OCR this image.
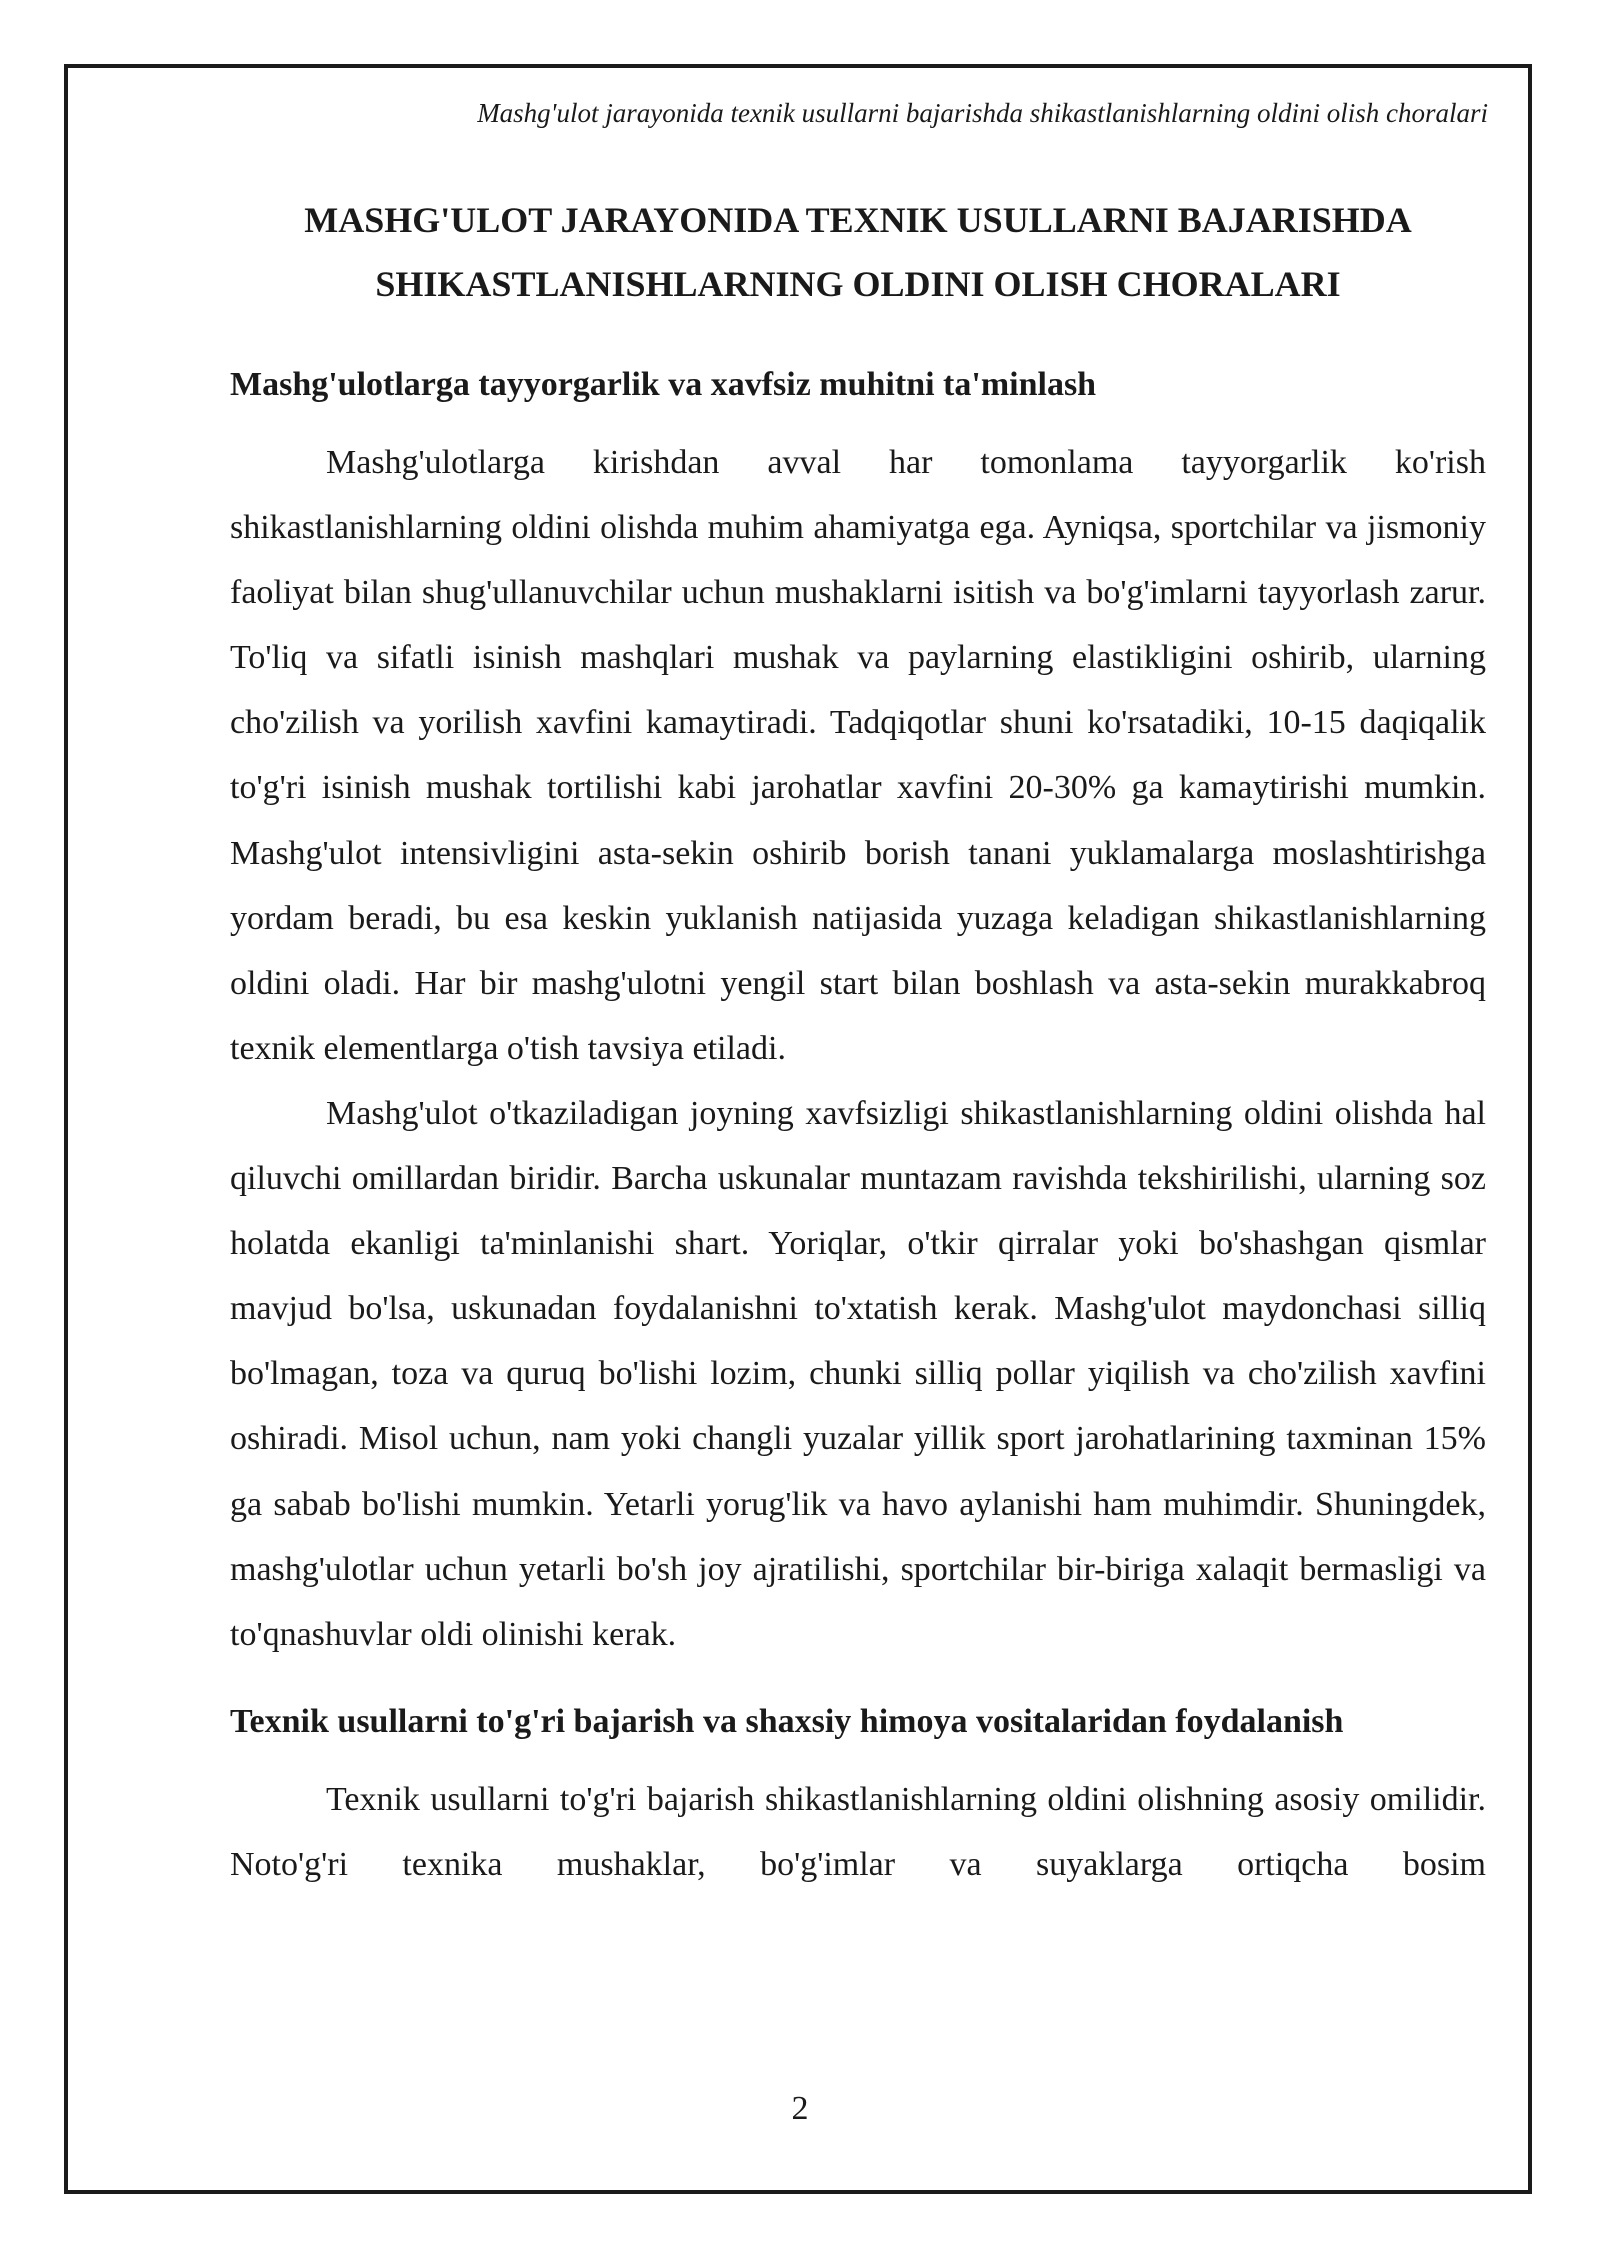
Mashg'ulot jarayonida texnik usullarni bajarishda shikastlanishlarning oldini olish choralari
MASHG'ULOT JARAYONIDA TEXNIK USULLARNI BAJARISHDA
SHIKASTLANISHLARNING OLDINI OLISH CHORALARI
Mashg'ulotlarga tayyorgarlik va xavfsiz muhitni ta'minlash

Mashg'ulotlarga kirishdan avval har tomonlama tayyorgarlik ko'rish shikastlanishlarning oldini olishda muhim ahamiyatga ega. Ayniqsa, sportchilar va jismoniy faoliyat bilan shug'ullanuvchilar uchun mushaklarni isitish va bo'g'imlarni tayyorlash zarur. To'liq va sifatli isinish mashqlari mushak va paylarning elastikligini oshirib, ularning cho'zilish va yorilish xavfini kamaytiradi. Tadqiqotlar shuni ko'rsatadiki, 10-15 daqiqalik to'g'ri isinish mushak tortilishi kabi jarohatlar xavfini 20-30% ga kamaytirishi mumkin. Mashg'ulot intensivligini asta-sekin oshirib borish tanani yuklamalarga moslashtirishga yordam beradi, bu esa keskin yuklanish natijasida yuzaga keladigan shikastlanishlarning oldini oladi. Har bir mashg'ulotni yengil start bilan boshlash va asta-sekin murakkabroq texnik elementlarga o'tish tavsiya etiladi.

Mashg'ulot o'tkaziladigan joyning xavfsizligi shikastlanishlarning oldini olishda hal qiluvchi omillardan biridir. Barcha uskunalar muntazam ravishda tekshirilishi, ularning soz holatda ekanligi ta'minlanishi shart. Yoriqlar, o'tkir qirralar yoki bo'shashgan qismlar mavjud bo'lsa, uskunadan foydalanishni to'xtatish kerak. Mashg'ulot maydonchasi silliq bo'lmagan, toza va quruq bo'lishi lozim, chunki silliq pollar yiqilish va cho'zilish xavfini oshiradi. Misol uchun, nam yoki changli yuzalar yillik sport jarohatlarining taxminan 15% ga sabab bo'lishi mumkin. Yetarli yorug'lik va havo aylanishi ham muhimdir. Shuningdek, mashg'ulotlar uchun yetarli bo'sh joy ajratilishi, sportchilar bir-biriga xalaqit bermasligi va to'qnashuvlar oldi olinishi kerak.

Texnik usullarni to'g'ri bajarish va shaxsiy himoya vositalaridan foydalanish

Texnik usullarni to'g'ri bajarish shikastlanishlarning oldini olishning asosiy omilidir. Noto'g'ri texnika mushaklar, bo'g'imlar va suyaklarga ortiqcha bosim

2
